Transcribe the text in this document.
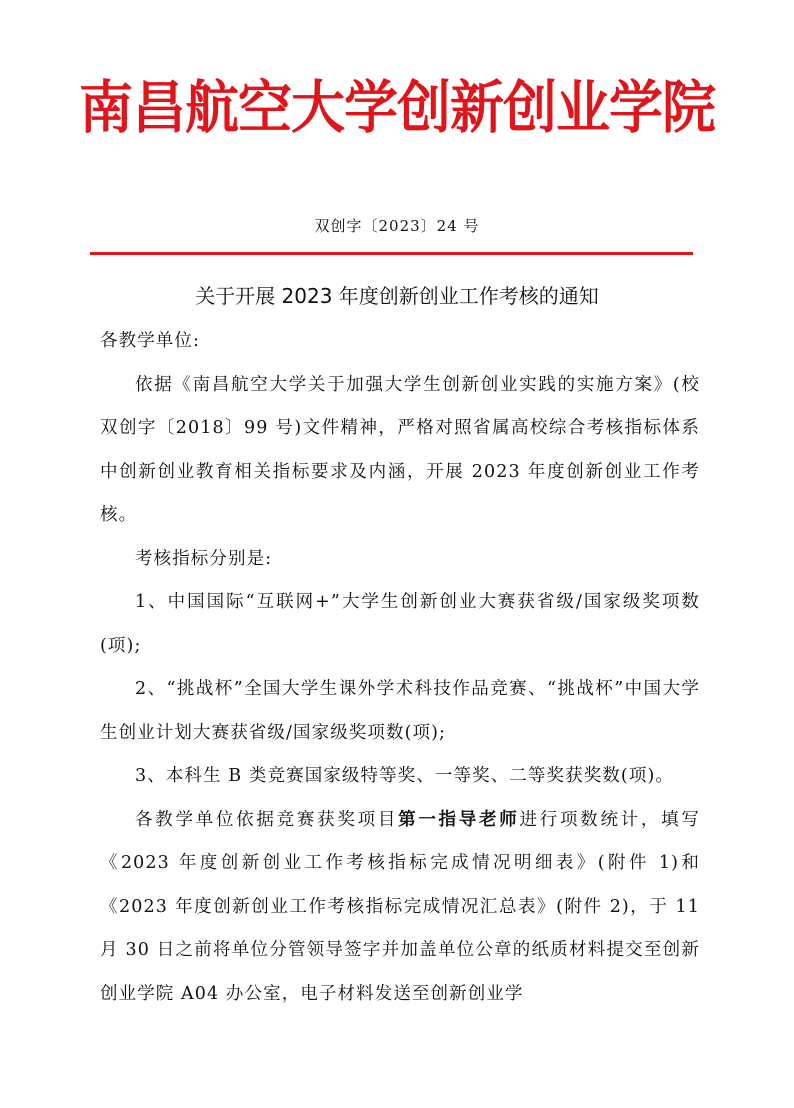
南昌航空大学创新创业学院
双创字〔2023〕24 号
关于开展 2023 年度创新创业工作考核的通知

各教学单位:

依据《南昌航空大学关于加强大学生创新创业实践的实施方案》(校双创字〔2018〕99 号)文件精神，严格对照省属高校综合考核指标体系中创新创业教育相关指标要求及内涵，开展 2023 年度创新创业工作考核。

考核指标分别是:

1、中国国际“互联网+”大学生创新创业大赛获省级/国家级奖项数(项);

2、“挑战杯”全国大学生课外学术科技作品竞赛、“挑战杯”中国大学生创业计划大赛获省级/国家级奖项数(项);

3、本科生 B 类竞赛国家级特等奖、一等奖、二等奖获奖数(项)。

各教学单位依据竞赛获奖项目第一指导老师进行项数统计，填写《2023 年度创新创业工作考核指标完成情况明细表》(附件 1)和《2023 年度创新创业工作考核指标完成情况汇总表》(附件 2)，于 11 月 30 日之前将单位分管领导签字并加盖单位公章的纸质材料提交至创新创业学院 A04 办公室，电子材料发送至创新创业学
